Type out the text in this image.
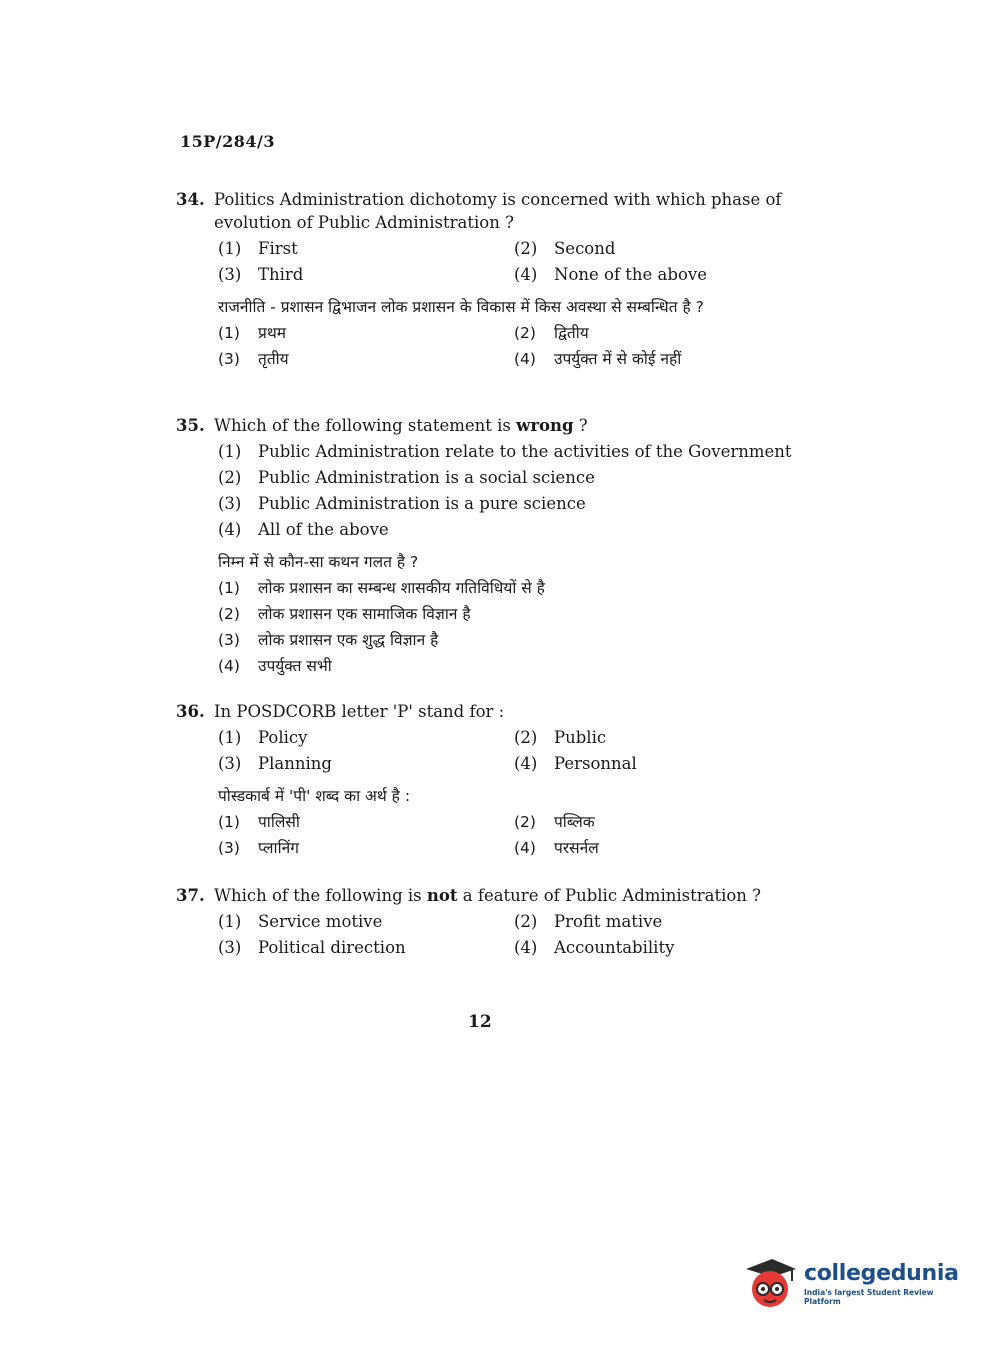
15P/284/3
34. Politics Administration dichotomy is concerned with which phase of evolution of Public Administration ?
(1)	First	(2)	Second
(3)	Third	(4)	None of the above
राजनीति - प्रशासन द्विभाजन लोक प्रशासन के विकास में किस अवस्था से सम्बन्धित है ?
(1)	प्रथम	(2)	द्वितीय
(3)	तृतीय	(4)	उपर्युक्त में से कोई नहीं
35. Which of the following statement is wrong ?
(1)	Public Administration relate to the activities of the Government
(2)	Public Administration is a social science
(3)	Public Administration is a pure science
(4)	All of the above
निम्न में से कौन-सा कथन गलत है ?
(1)	लोक प्रशासन का सम्बन्ध शासकीय गतिविधियों से है
(2)	लोक प्रशासन एक सामाजिक विज्ञान है
(3)	लोक प्रशासन एक शुद्ध विज्ञान है
(4)	उपर्युक्त सभी
36. In POSDCORB letter 'P' stand for :
(1)	Policy	(2)	Public
(3)	Planning	(4)	Personnal
पोस्डकार्ब में 'पी' शब्द का अर्थ है :
(1)	पालिसी	(2)	पब्लिक
(3)	प्लानिंग	(4)	परसर्नल
37. Which of the following is not a feature of Public Administration ?
(1)	Service motive	(2)	Profit mative
(3)	Political direction	(4)	Accountability
12
collegedunia
India's largest Student Review Platform
